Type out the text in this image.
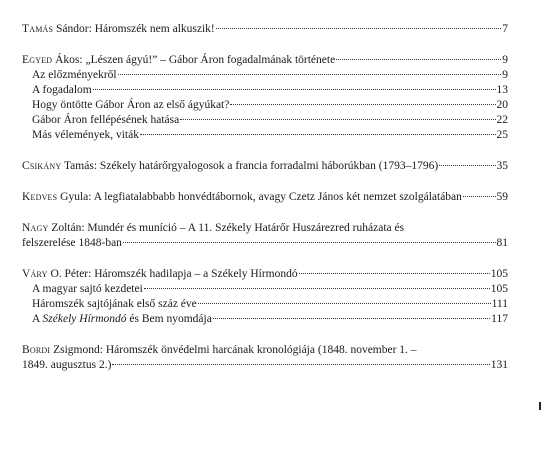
Tamás Sándor: Háromszék nem alkuszik!	7
Egyed Ákos: „Lészen ágyú!” – Gábor Áron fogadalmának története	9
Az előzményekről	9
A fogadalom	13
Hogy öntötte Gábor Áron az első ágyúkat?	20
Gábor Áron fellépésének hatása	22
Más vélemények, viták	25
Csikány Tamás: Székely határőrgyalogosok a francia forradalmi háborúkban (1793–1796)	35
Kedves Gyula: A legfiatalabbabb honvédtábornok, avagy Czetz János két nemzet szolgálatában	59
Nagy Zoltán: Mundér és muníció – A 11. Székely Határőr Huszárezred ruházata és
felszerelése 1848-ban	81
Váry O. Péter: Háromszék hadilapja – a Székely Hírmondó	105
A magyar sajtó kezdetei	105
Háromszék sajtójának első száz éve	111
A Székely Hírmondó és Bem nyomdája	117
Bordi Zsigmond: Háromszék önvédelmi harcának kronológiája (1848. november 1. –
1849. augusztus 2.)	131
